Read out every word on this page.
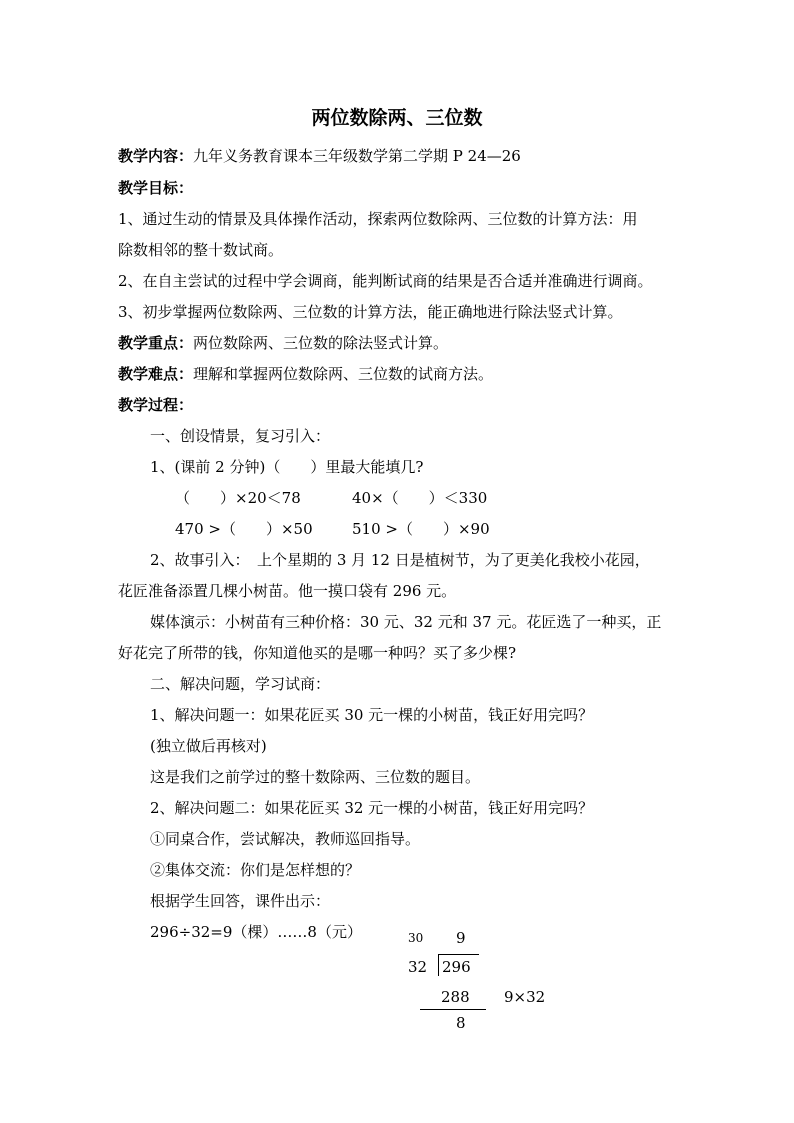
两位数除两、三位数
教学内容：九年义务教育课本三年级数学第二学期 P 24—26
教学目标：
1、通过生动的情景及具体操作活动，探索两位数除两、三位数的计算方法：用
除数相邻的整十数试商。
2、在自主尝试的过程中学会调商，能判断试商的结果是否合适并准确进行调商。
3、初步掌握两位数除两、三位数的计算方法，能正确地进行除法竖式计算。
教学重点：两位数除两、三位数的除法竖式计算。
教学难点：理解和掌握两位数除两、三位数的试商方法。
教学过程：
一、创设情景，复习引入：
1、(课前 2 分钟)（　　）里最大能填几?
（　　）×20＜78	40×（　　）＜330
470 >（　　）×50	510 >（　　）×90
2、故事引入：　上个星期的 3 月 12 日是植树节，为了更美化我校小花园，
花匠准备添置几棵小树苗。他一摸口袋有 296 元。
媒体演示：小树苗有三种价格：30 元、32 元和 37 元。花匠选了一种买，正
好花完了所带的钱，你知道他买的是哪一种吗？买了多少棵?
二、解决问题，学习试商：
1、解决问题一：如果花匠买 30 元一棵的小树苗，钱正好用完吗？
(独立做后再核对)
这是我们之前学过的整十数除两、三位数的题目。
2、解决问题二：如果花匠买 32 元一棵的小树苗，钱正好用完吗？
①同桌合作，尝试解决，教师巡回指导。
②集体交流：你们是怎样想的？
根据学生回答，课件出示：
296÷32=9（棵）……8（元）	30 9
32 296
288 9×32
8
